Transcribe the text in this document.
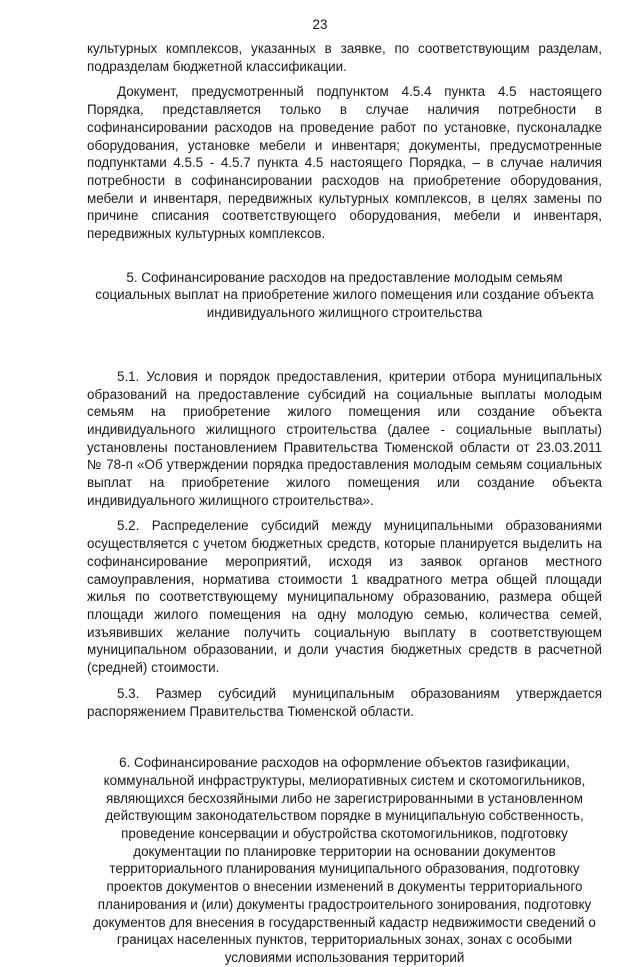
23

культурных комплексов, указанных в заявке, по соответствующим разделам, подразделам бюджетной классификации.

Документ, предусмотренный подпунктом 4.5.4 пункта 4.5 настоящего Порядка, представляется только в случае наличия потребности в софинансировании расходов на проведение работ по установке, пусконаладке оборудования, установке мебели и инвентаря; документы, предусмотренные подпунктами 4.5.5 - 4.5.7 пункта 4.5 настоящего Порядка, – в случае наличия потребности в софинансировании расходов на приобретение оборудования, мебели и инвентаря, передвижных культурных комплексов, в целях замены по причине списания соответствующего оборудования, мебели и инвентаря, передвижных культурных комплексов.

5. Софинансирование расходов на предоставление молодым семьям социальных выплат на приобретение жилого помещения или создание объекта индивидуального жилищного строительства

5.1. Условия и порядок предоставления, критерии отбора муниципальных образований на предоставление субсидий на социальные выплаты молодым семьям на приобретение жилого помещения или создание объекта индивидуального жилищного строительства (далее - социальные выплаты) установлены постановлением Правительства Тюменской области от 23.03.2011 № 78-п «Об утверждении порядка предоставления молодым семьям социальных выплат на приобретение жилого помещения или создание объекта индивидуального жилищного строительства».

5.2. Распределение субсидий между муниципальными образованиями осуществляется с учетом бюджетных средств, которые планируется выделить на софинансирование мероприятий, исходя из заявок органов местного самоуправления, норматива стоимости 1 квадратного метра общей площади жилья по соответствующему муниципальному образованию, размера общей площади жилого помещения на одну молодую семью, количества семей, изъявивших желание получить социальную выплату в соответствующем муниципальном образовании, и доли участия бюджетных средств в расчетной (средней) стоимости.

5.3. Размер субсидий муниципальным образованиям утверждается распоряжением Правительства Тюменской области.

6. Софинансирование расходов на оформление объектов газификации, коммунальной инфраструктуры, мелиоративных систем и скотомогильников, являющихся бесхозяйными либо не зарегистрированными в установленном действующим законодательством порядке в муниципальную собственность, проведение консервации и обустройства скотомогильников, подготовку документации по планировке территории на основании документов территориального планирования муниципального образования, подготовку проектов документов о внесении изменений в документы территориального планирования и (или) документы градостроительного зонирования, подготовку документов для внесения в государственный кадастр недвижимости сведений о границах населенных пунктов, территориальных зонах, зонах с особыми условиями использования территорий
